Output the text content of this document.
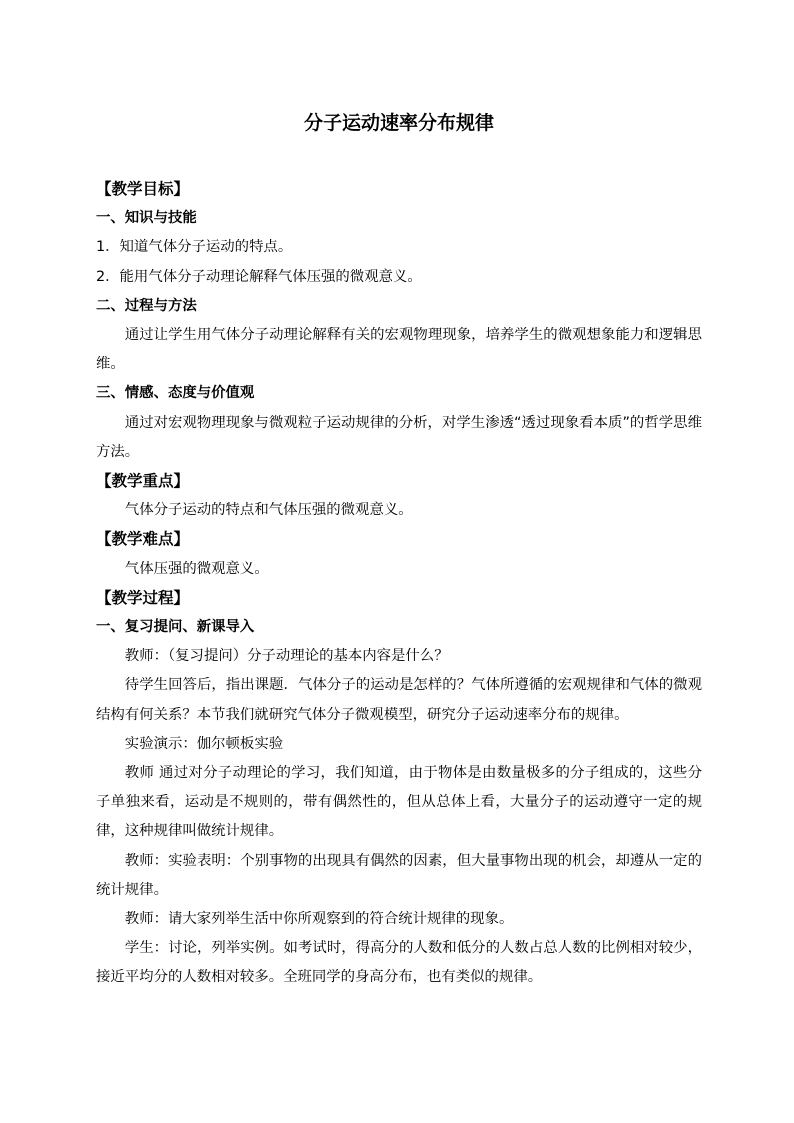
分子运动速率分布规律
【教学目标】
一、知识与技能

1．知道气体分子运动的特点。

2．能用气体分子动理论解释气体压强的微观意义。

二、过程与方法

通过让学生用气体分子动理论解释有关的宏观物理现象，培养学生的微观想象能力和逻辑思维。

三、情感、态度与价值观

通过对宏观物理现象与微观粒子运动规律的分析，对学生渗透“透过现象看本质”的哲学思维方法。

【教学重点】

气体分子运动的特点和气体压强的微观意义。

【教学难点】

气体压强的微观意义。

【教学过程】
一、复习提问、新课导入

教师：（复习提问）分子动理论的基本内容是什么？

待学生回答后，指出课题．气体分子的运动是怎样的？气体所遵循的宏观规律和气体的微观结构有何关系？本节我们就研究气体分子微观模型，研究分子运动速率分布的规律。

实验演示：伽尔顿板实验

教师 通过对分子动理论的学习，我们知道，由于物体是由数量极多的分子组成的，这些分子单独来看，运动是不规则的，带有偶然性的，但从总体上看，大量分子的运动遵守一定的规律，这种规律叫做统计规律。

教师：实验表明：个别事物的出现具有偶然的因素，但大量事物出现的机会，却遵从一定的统计规律。

教师：请大家列举生活中你所观察到的符合统计规律的现象。

学生：讨论，列举实例。如考试时，得高分的人数和低分的人数占总人数的比例相对较少，接近平均分的人数相对较多。全班同学的身高分布，也有类似的规律。
